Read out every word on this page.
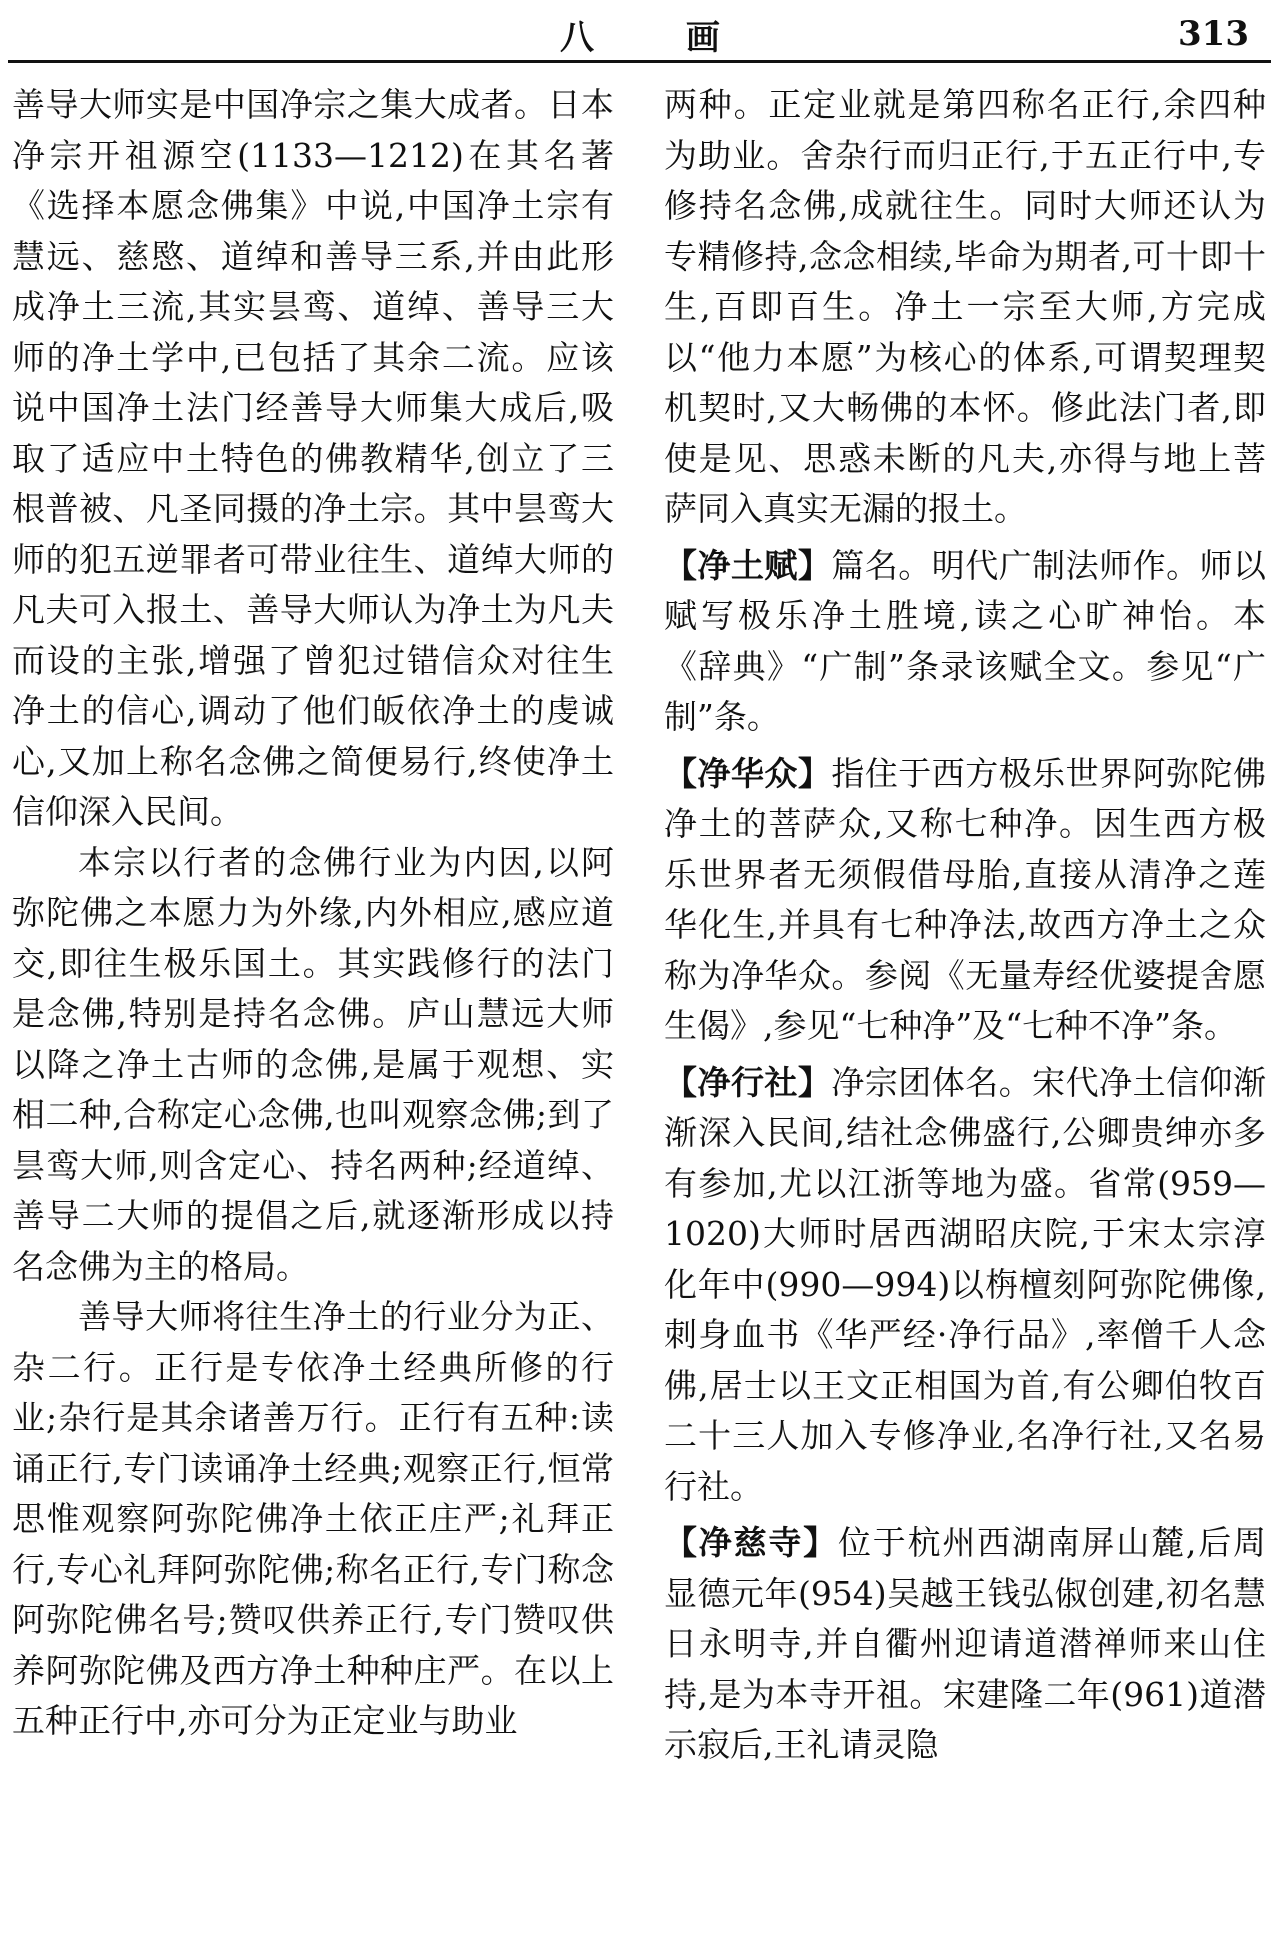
八 画	313

善导大师实是中国净宗之集大成者。日本净宗开祖源空(1133—1212)在其名著《选择本愿念佛集》中说,中国净土宗有慧远、慈愍、道绰和善导三系,并由此形成净土三流,其实昙鸾、道绰、善导三大师的净土学中,已包括了其余二流。应该说中国净土法门经善导大师集大成后,吸取了适应中土特色的佛教精华,创立了三根普被、凡圣同摄的净土宗。其中昙鸾大师的犯五逆罪者可带业往生、道绰大师的凡夫可入报土、善导大师认为净土为凡夫而设的主张,增强了曾犯过错信众对往生净土的信心,调动了他们皈依净土的虔诚心,又加上称名念佛之简便易行,终使净土信仰深入民间。

本宗以行者的念佛行业为内因,以阿弥陀佛之本愿力为外缘,内外相应,感应道交,即往生极乐国土。其实践修行的法门是念佛,特别是持名念佛。庐山慧远大师以降之净土古师的念佛,是属于观想、实相二种,合称定心念佛,也叫观察念佛;到了昙鸾大师,则含定心、持名两种;经道绰、善导二大师的提倡之后,就逐渐形成以持名念佛为主的格局。

善导大师将往生净土的行业分为正、杂二行。正行是专依净土经典所修的行业;杂行是其余诸善万行。正行有五种:读诵正行,专门读诵净土经典;观察正行,恒常思惟观察阿弥陀佛净土依正庄严;礼拜正行,专心礼拜阿弥陀佛;称名正行,专门称念阿弥陀佛名号;赞叹供养正行,专门赞叹供养阿弥陀佛及西方净土种种庄严。在以上五种正行中,亦可分为正定业与助业

两种。正定业就是第四称名正行,余四种为助业。舍杂行而归正行,于五正行中,专修持名念佛,成就往生。同时大师还认为专精修持,念念相续,毕命为期者,可十即十生,百即百生。净土一宗至大师,方完成以“他力本愿”为核心的体系,可谓契理契机契时,又大畅佛的本怀。修此法门者,即使是见、思惑未断的凡夫,亦得与地上菩萨同入真实无漏的报土。

【净土赋】篇名。明代广制法师作。师以赋写极乐净土胜境,读之心旷神怡。本《辞典》“广制”条录该赋全文。参见“广制”条。

【净华众】指住于西方极乐世界阿弥陀佛净土的菩萨众,又称七种净。因生西方极乐世界者无须假借母胎,直接从清净之莲华化生,并具有七种净法,故西方净土之众称为净华众。参阅《无量寿经优婆提舍愿生偈》,参见“七种净”及“七种不净”条。

【净行社】净宗团体名。宋代净土信仰渐渐深入民间,结社念佛盛行,公卿贵绅亦多有参加,尤以江浙等地为盛。省常(959—1020)大师时居西湖昭庆院,于宋太宗淳化年中(990—994)以栴檀刻阿弥陀佛像,刺身血书《华严经·净行品》,率僧千人念佛,居士以王文正相国为首,有公卿伯牧百二十三人加入专修净业,名净行社,又名易行社。

【净慈寺】位于杭州西湖南屏山麓,后周显德元年(954)吴越王钱弘俶创建,初名慧日永明寺,并自衢州迎请道潜禅师来山住持,是为本寺开祖。宋建隆二年(961)道潜示寂后,王礼请灵隐
